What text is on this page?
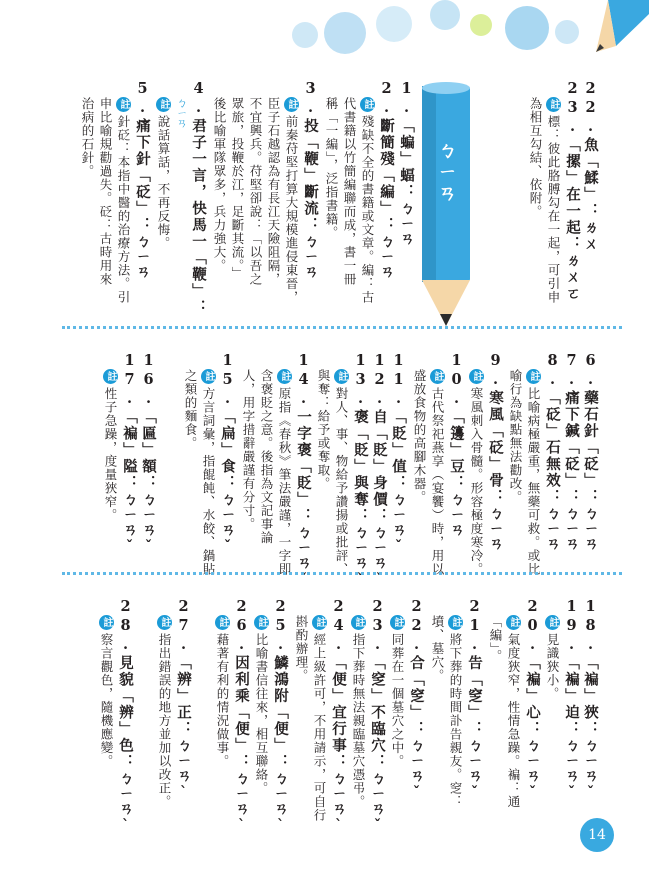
ㄅㄧㄢ	22.魚「鰇」：ㄌㄨ
23.「摞」在一起：ㄌㄨㄛ
註標：彼此胳膊勾在一起，可引申
為相互勾結、依附。
1.「蝙」蝠：ㄅㄧㄢ
2.斷簡殘「編」：ㄅㄧㄢ
註殘缺不全的書籍或文章。編：古
代書籍以竹簡編聯而成，書一冊
稱「一編」，泛指書籍。
3.投「鞭」斷流：ㄅㄧㄢ
註前秦苻堅打算大規模進侵東晉，
臣子石越認為有長江天險阻隔，
不宜興兵。苻堅卻說：「以吾之
眾旅，投鞭於江，足斷其流。」
後比喻軍隊眾多，兵力強大。
4.君子一言，快馬一「鞭」：
ㄅㄧㄢ
註說話算話，不再反悔。
5.痛下針「砭」：ㄅㄧㄢ
註針砭：本指中醫的治療方法。引
申比喻規勸過失。砭：古時用來
治病的石針。
6.藥石針「砭」：ㄅㄧㄢ
7.痛下鍼「砭」：ㄅㄧㄢ
8.「砭」石無效：ㄅㄧㄢ
註比喻病極嚴重，無藥可救。或比
喻行為缺點無法勸改。
9.寒風「砭」骨：ㄅㄧㄢ
註寒風刺入骨髓。形容極度寒冷。
10.「籩」豆：ㄅㄧㄢ
註古代祭祀燕享（宴饗）時，用以
盛放食物的高腳木器。
11.「貶」值：ㄅㄧㄢˇ
12.自「貶」身價：ㄅㄧㄢˇ
13.褒「貶」與奪：ㄅㄧㄢˇ
註對人、事、物給予讚揚或批評、
與奪：給予或奪取。
14.一字褒「貶」：ㄅㄧㄢˇ
註原指《春秋》筆法嚴謹，一字即
含褒貶之意。後指為文記事論
人，用字措辭嚴謹有分寸。
15.「扁」食：ㄅㄧㄢˇ
註方言詞彙，指餛飩、水餃、鍋貼
之類的麵食。
16.「匾」額：ㄅㄧㄢˇ
17.「褊」隘：ㄅㄧㄢˇ
註性子急躁，度量狹窄。
18.「褊」狹：ㄅㄧㄢˇ
19.「褊」迫：ㄅㄧㄢˇ
註見識狹小。
20.「褊」心：ㄅㄧㄢˇ
註氣度狹窄，性情急躁。褊：通
「編」。
21.告「窆」：ㄅㄧㄢˇ
註將下葬的時間訃告親友。窆：
墳、墓穴。
22.合「窆」：ㄅㄧㄢˇ
註同葬在一個墓穴之中。
23.「窆」不臨穴：ㄅㄧㄢˇ
註指下葬時無法親臨墓穴憑弔。
24.「便」宜行事：ㄅㄧㄢˋ
註經上級許可，不用請示，可自行
斟酌辦理。
25.鱗鴻附「便」：ㄅㄧㄢˋ
註比喻書信往來，相互聯絡。
26.因利乘「便」：ㄅㄧㄢˋ
註藉著有利的情況做事。
27.「辨」正：ㄅㄧㄢˋ
註指出錯誤的地方並加以改正。
28.見貌「辨」色：ㄅㄧㄢˋ
註察言觀色，隨機應變。
14
